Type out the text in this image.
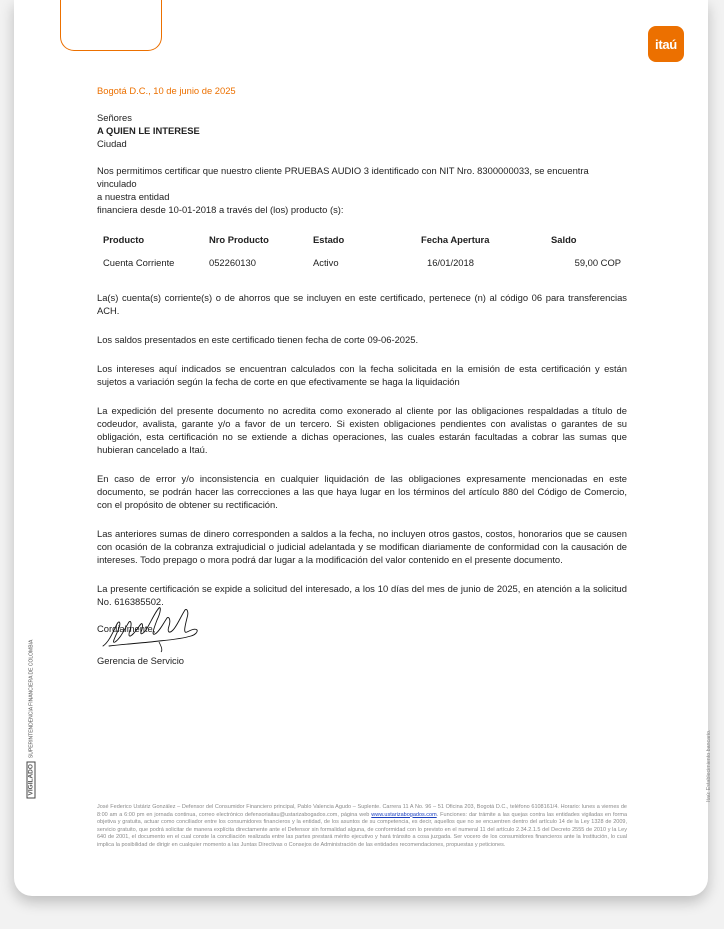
itaú

Bogotá D.C., 10 de junio de 2025

Señores

A QUIEN LE INTERESE

Ciudad

Nos permitimos certificar que nuestro cliente PRUEBAS AUDIO 3 identificado con NIT Nro. 8300000033, se encuentra vinculado
a nuestra entidad
financiera desde 10-01-2018 a través del (los) producto (s):

Producto	Nro Producto	Estado	Fecha Apertura	Saldo
Cuenta Corriente	052260130	Activo	16/01/2018	59,00 COP

La(s) cuenta(s) corriente(s) o de ahorros que se incluyen en este certificado, pertenece (n) al código 06 para transferencias ACH.

Los saldos presentados en este certificado tienen fecha de corte 09-06-2025.

Los intereses aquí indicados se encuentran calculados con la fecha solicitada en la emisión de esta certificación y están sujetos a variación según la fecha de corte en que efectivamente se haga la liquidación

La expedición del presente documento no acredita como exonerado al cliente por las obligaciones respaldadas a título de codeudor, avalista, garante y/o a favor de un tercero. Si existen obligaciones pendientes con avalistas o garantes de su obligación, esta certificación no se extiende a dichas operaciones, las cuales estarán facultadas a cobrar las sumas que hubieran cancelado a Itaú.

En caso de error y/o inconsistencia en cualquier liquidación de las obligaciones expresamente mencionadas en este documento, se podrán hacer las correcciones a las que haya lugar en los términos del artículo 880 del Código de Comercio, con el propósito de obtener su rectificación.

Las anteriores sumas de dinero corresponden a saldos a la fecha, no incluyen otros gastos, costos, honorarios que se causen con ocasión de la cobranza extrajudicial o judicial adelantada y se modifican diariamente de conformidad con la causación de intereses. Todo prepago o mora podrá dar lugar a la modificación del valor contenido en el presente documento.

La presente certificación se expide a solicitud del interesado, a los 10 días del mes de junio de 2025, en atención a la solicitud No. 616385502.

Cordialmente,

Gerencia de Servicio
VIGILADOSUPERINTENDENCIA FINANCIERA DE COLOMBIA
Itaú: Establecimiento bancario.
José Federico Ustáriz González – Defensor del Consumidor Financiero principal, Pablo Valencia Agudo – Suplente. Carrera 11 A No. 96 – 51 Oficina 203, Bogotá D.C., teléfono 6108161/4. Horario: lunes a viernes de 8:00 am a 6:00 pm en jornada continua, correo electrónico defensoriaitau@ustarizabogados.com, página web www.ustarizabogados.com. Funciones: dar trámite a las quejas contra las entidades vigiladas en forma objetiva y gratuita, actuar como conciliador entre los consumidores financieros y la entidad, de los asuntos de su competencia, es decir, aquellos que no se encuentren dentro del artículo 14 de la Ley 1328 de 2009, servicio gratuito, que podrá solicitar de manera explícita directamente ante el Defensor sin formalidad alguna, de conformidad con lo previsto en el numeral 11 del artículo 2.34.2.1.5 del Decreto 2555 de 2010 y la Ley 640 de 2001, el documento en el cual conste la conciliación realizada entre las partes prestará mérito ejecutivo y hará tránsito a cosa juzgada. Ser vocero de los consumidores financieros ante la Institución, lo cual implica la posibilidad de dirigir en cualquier momento a las Juntas Directivas o Consejos de Administración de las entidades recomendaciones, propuestas y peticiones.
